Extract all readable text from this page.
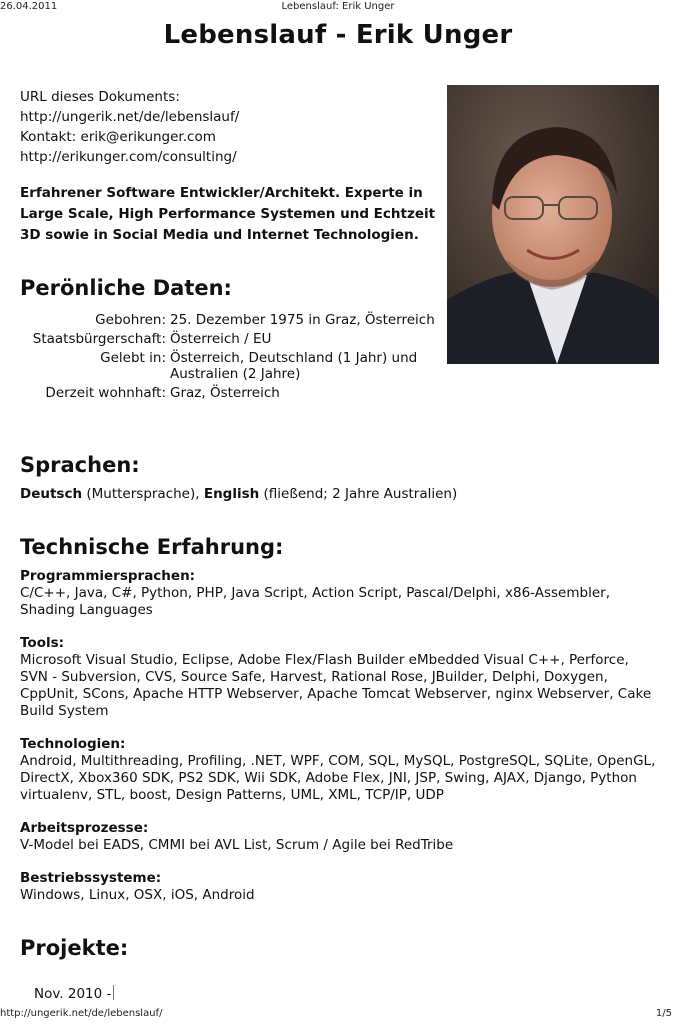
26.04.2011	Lebenslauf: Erik Unger
Lebenslauf - Erik Unger
URL dieses Dokuments:
http://ungerik.net/de/lebenslauf/
Kontakt: erik@erikunger.com
http://erikunger.com/consulting/
Erfahrener Software Entwickler/Architekt. Experte in Large Scale, High Performance Systemen und Echtzeit 3D sowie in Social Media und Internet Technologien.
Perönliche Daten:
Gebohren: 25. Dezember 1975 in Graz, Österreich
Staatsbürgerschaft: Österreich / EU
Gelebt in: Österreich, Deutschland (1 Jahr) und Australien (2 Jahre)
Derzeit wohnhaft: Graz, Österreich
Sprachen:
Deutsch (Muttersprache), English (fließend; 2 Jahre Australien)
Technische Erfahrung:
Programmiersprachen:
C/C++, Java, C#, Python, PHP, Java Script, Action Script, Pascal/Delphi, x86-Assembler, Shading Languages
Tools:
Microsoft Visual Studio, Eclipse, Adobe Flex/Flash Builder eMbedded Visual C++, Perforce, SVN - Subversion, CVS, Source Safe, Harvest, Rational Rose, JBuilder, Delphi, Doxygen, CppUnit, SCons, Apache HTTP Webserver, Apache Tomcat Webserver, nginx Webserver, Cake Build System
Technologien:
Android, Multithreading, Profiling, .NET, WPF, COM, SQL, MySQL, PostgreSQL, SQLite, OpenGL, DirectX, Xbox360 SDK, PS2 SDK, Wii SDK, Adobe Flex, JNI, JSP, Swing, AJAX, Django, Python virtualenv, STL, boost, Design Patterns, UML, XML, TCP/IP, UDP
Arbeitsprozesse:
V-Model bei EADS, CMMI bei AVL List, Scrum / Agile bei RedTribe
Bestriebssysteme:
Windows, Linux, OSX, iOS, Android
Projekte:
Nov. 2010 -
http://ungerik.net/de/lebenslauf/	1/5
